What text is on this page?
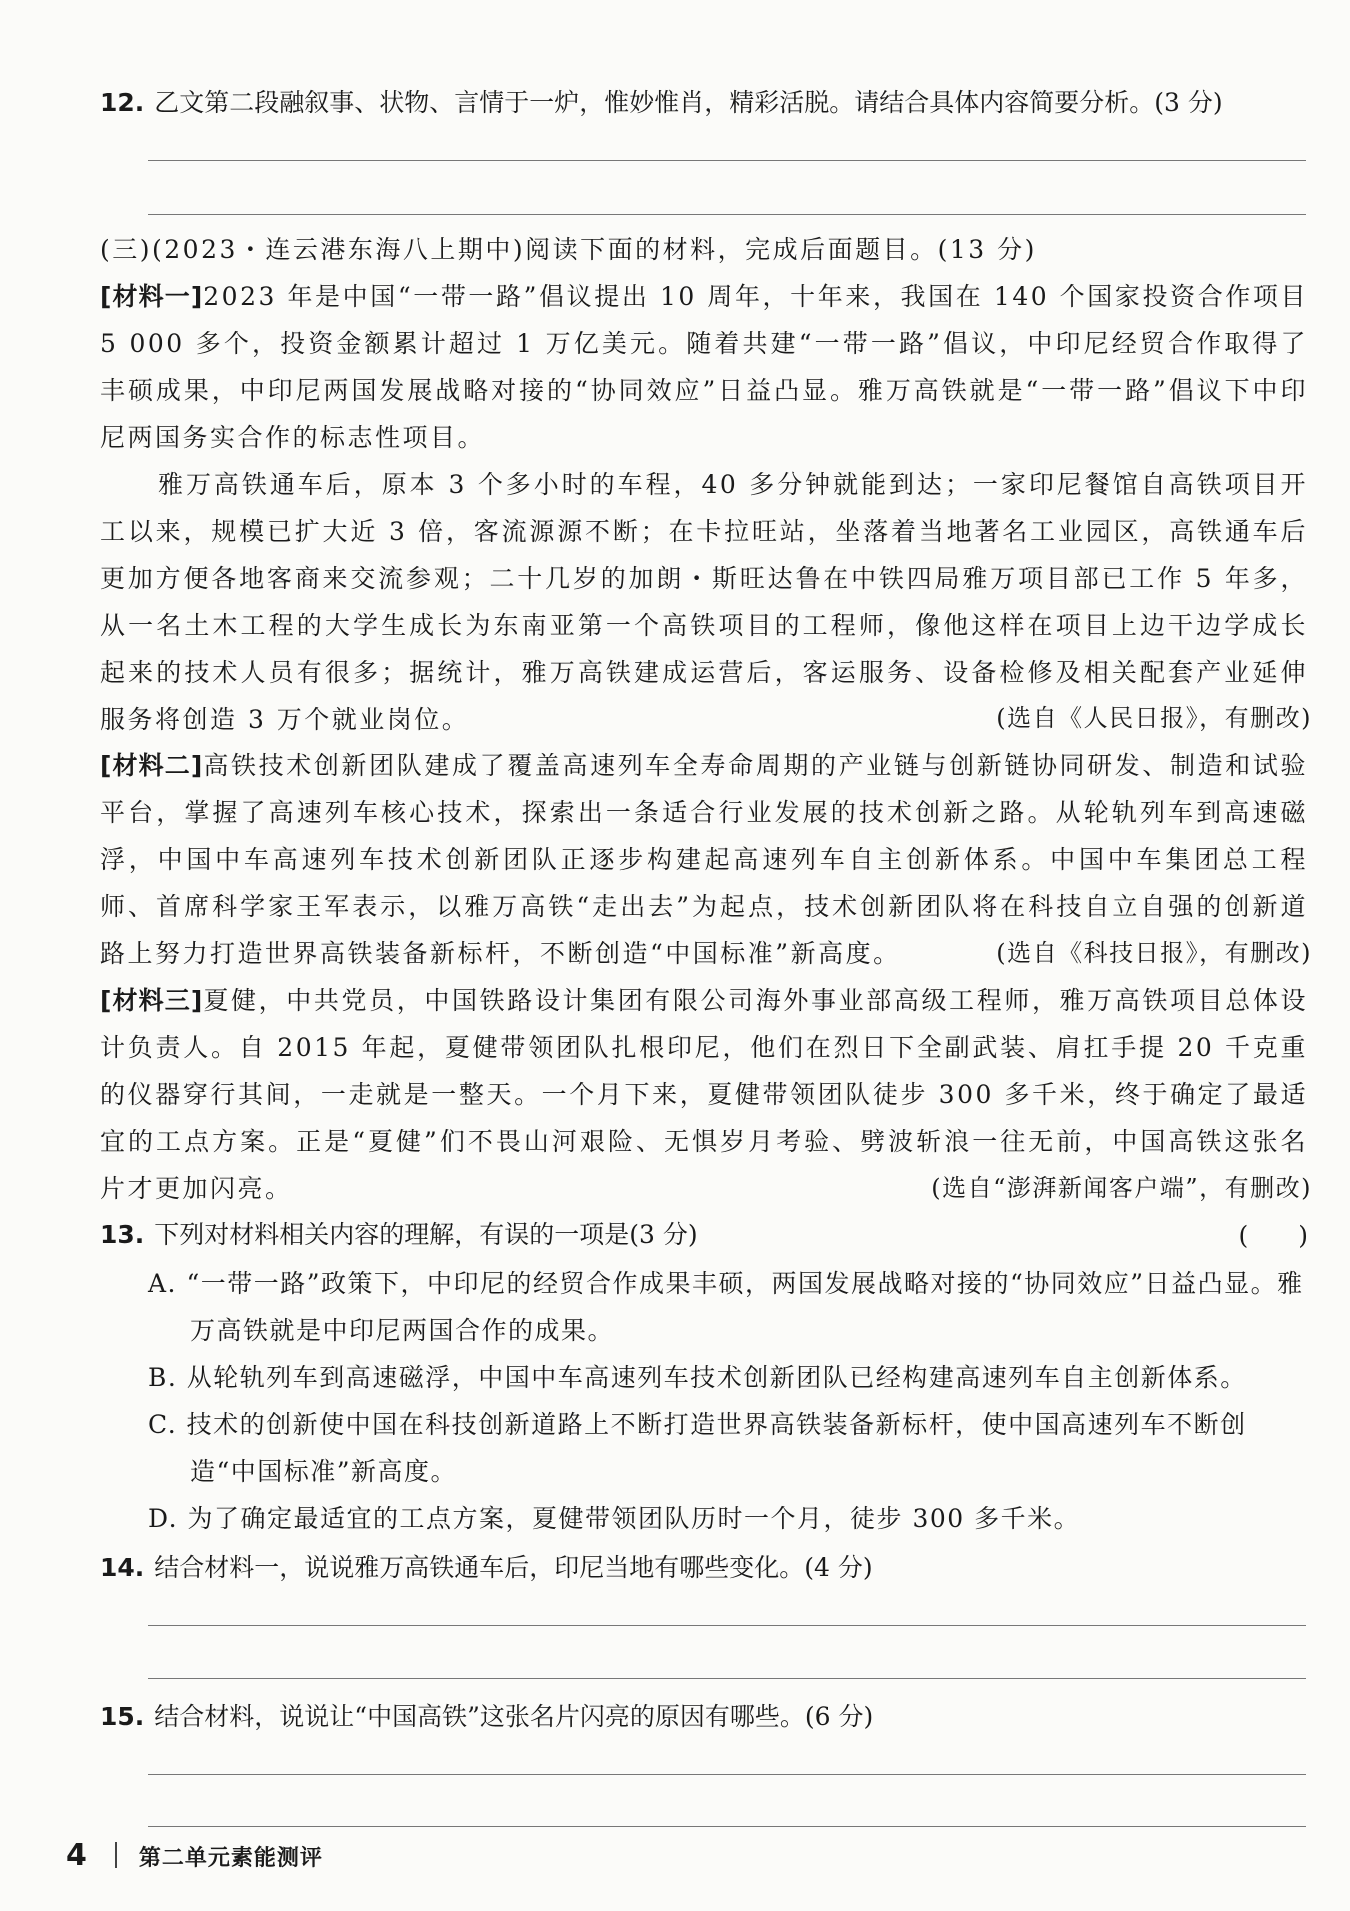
12. 乙文第二段融叙事、状物、言情于一炉，惟妙惟肖，精彩活脱。请结合具体内容简要分析。(3 分)
(三)(2023・连云港东海八上期中)阅读下面的材料，完成后面题目。(13 分)
[材料一]2023 年是中国“一带一路”倡议提出 10 周年，十年来，我国在 140 个国家投资合作项目 5 000 多个，投资金额累计超过 1 万亿美元。随着共建“一带一路”倡议，中印尼经贸合作取得了丰硕成果，中印尼两国发展战略对接的“协同效应”日益凸显。雅万高铁就是“一带一路”倡议下中印尼两国务实合作的标志性项目。
雅万高铁通车后，原本 3 个多小时的车程，40 多分钟就能到达；一家印尼餐馆自高铁项目开工以来，规模已扩大近 3 倍，客流源源不断；在卡拉旺站，坐落着当地著名工业园区，高铁通车后更加方便各地客商来交流参观；二十几岁的加朗・斯旺达鲁在中铁四局雅万项目部已工作 5 年多，从一名土木工程的大学生成长为东南亚第一个高铁项目的工程师，像他这样在项目上边干边学成长起来的技术人员有很多；据统计，雅万高铁建成运营后，客运服务、设备检修及相关配套产业延伸服务将创造 3 万个就业岗位。	(选自《人民日报》，有删改)
[材料二]高铁技术创新团队建成了覆盖高速列车全寿命周期的产业链与创新链协同研发、制造和试验平台，掌握了高速列车核心技术，探索出一条适合行业发展的技术创新之路。从轮轨列车到高速磁浮，中国中车高速列车技术创新团队正逐步构建起高速列车自主创新体系。中国中车集团总工程师、首席科学家王军表示，以雅万高铁“走出去”为起点，技术创新团队将在科技自立自强的创新道路上努力打造世界高铁装备新标杆，不断创造“中国标准”新高度。	(选自《科技日报》，有删改)
[材料三]夏健，中共党员，中国铁路设计集团有限公司海外事业部高级工程师，雅万高铁项目总体设计负责人。自 2015 年起，夏健带领团队扎根印尼，他们在烈日下全副武装、肩扛手提 20 千克重的仪器穿行其间，一走就是一整天。一个月下来，夏健带领团队徒步 300 多千米，终于确定了最适宜的工点方案。正是“夏健”们不畏山河艰险、无惧岁月考验、劈波斩浪一往无前，中国高铁这张名片才更加闪亮。	(选自“澎湃新闻客户端”，有删改)
13. 下列对材料相关内容的理解，有误的一项是(3 分)	(　　)
A. “一带一路”政策下，中印尼的经贸合作成果丰硕，两国发展战略对接的“协同效应”日益凸显。雅万高铁就是中印尼两国合作的成果。
B. 从轮轨列车到高速磁浮，中国中车高速列车技术创新团队已经构建高速列车自主创新体系。
C. 技术的创新使中国在科技创新道路上不断打造世界高铁装备新标杆，使中国高速列车不断创造“中国标准”新高度。
D. 为了确定最适宜的工点方案，夏健带领团队历时一个月，徒步 300 多千米。
14. 结合材料一，说说雅万高铁通车后，印尼当地有哪些变化。(4 分)
15. 结合材料，说说让“中国高铁”这张名片闪亮的原因有哪些。(6 分)
4 第二单元素能测评
